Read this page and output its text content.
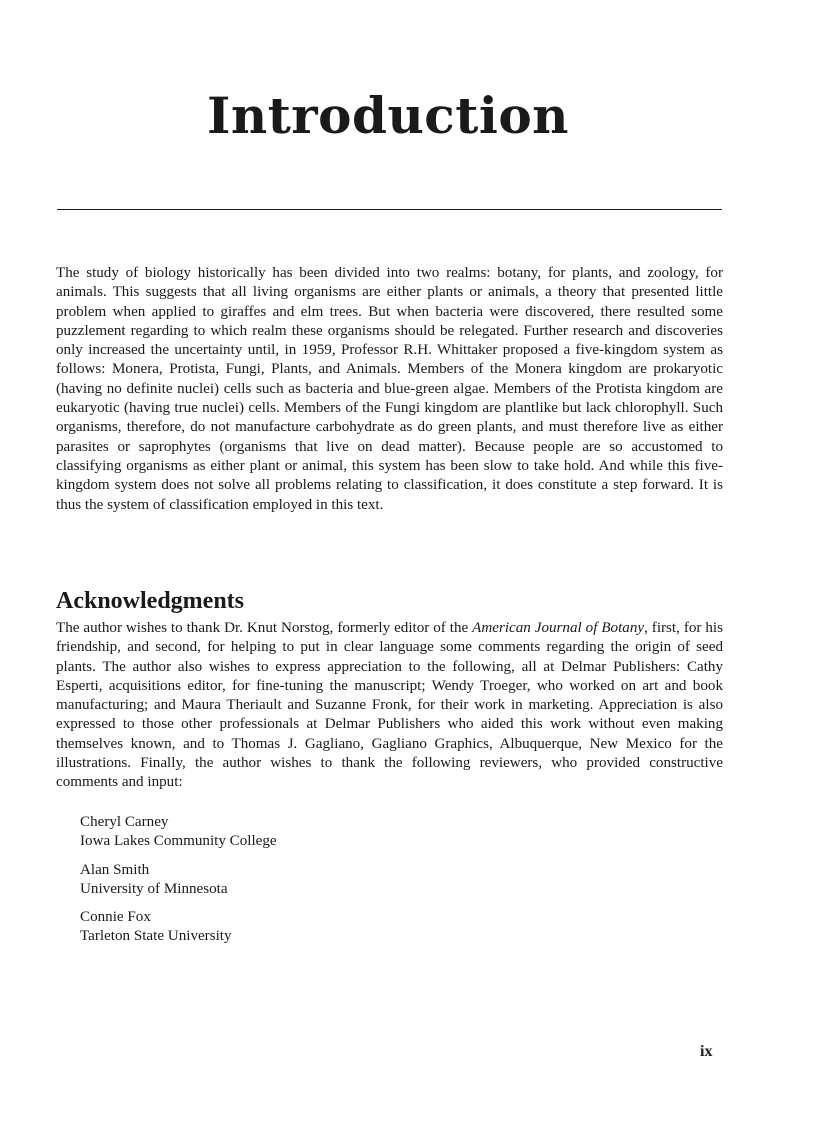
Introduction

The study of biology historically has been divided into two realms: botany, for plants, and zoology, for animals. This suggests that all living organisms are either plants or animals, a theory that presented little problem when applied to giraffes and elm trees. But when bacteria were discovered, there resulted some puzzlement regarding to which realm these organisms should be relegated. Further research and discoveries only increased the uncertainty until, in 1959, Professor R.H. Whittaker proposed a five-kingdom system as follows: Monera, Protista, Fungi, Plants, and Animals. Members of the Monera kingdom are prokaryotic (having no definite nuclei) cells such as bacteria and blue-green algae. Members of the Protista kingdom are eukaryotic (having true nuclei) cells. Members of the Fungi kingdom are plantlike but lack chlorophyll. Such organisms, therefore, do not manufacture carbohydrate as do green plants, and must therefore live as either parasites or saprophytes (organisms that live on dead matter). Because people are so accustomed to classifying organisms as either plant or animal, this system has been slow to take hold. And while this five-kingdom system does not solve all problems relating to classification, it does constitute a step forward. It is thus the system of classification employed in this text.

Acknowledgments

The author wishes to thank Dr. Knut Norstog, formerly editor of the American Journal of Botany, first, for his friendship, and second, for helping to put in clear language some comments regarding the origin of seed plants. The author also wishes to express appreciation to the following, all at Delmar Publishers: Cathy Esperti, acquisitions editor, for fine-tuning the manuscript; Wendy Troeger, who worked on art and book manufacturing; and Maura Theriault and Suzanne Fronk, for their work in marketing. Appreciation is also expressed to those other professionals at Delmar Publishers who aided this work without even making themselves known, and to Thomas J. Gagliano, Gagliano Graphics, Albuquerque, New Mexico for the illustrations. Finally, the author wishes to thank the following reviewers, who provided constructive comments and input:

Cheryl Carney
Iowa Lakes Community College
Alan Smith
University of Minnesota
Connie Fox
Tarleton State University
ix
